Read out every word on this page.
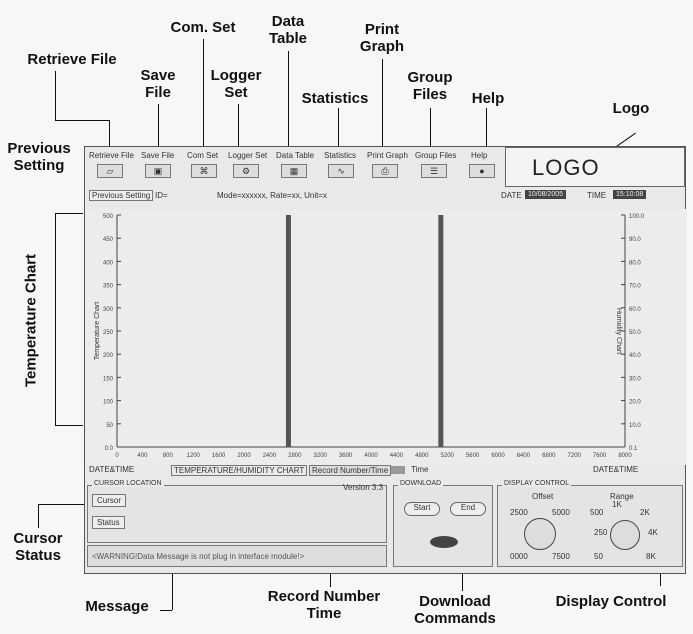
Retrieve File
Save File
Com. Set
Logger Set
Data Table
Statistics
Print Graph
Group Files	Help
Logo
Previous Setting
Temperature Chart
Cursor Status
Message
Record Number Time
Download Commands
Display Control
Retrieve File
▱
Save File
▣
Com Set
⌘
Logger Set
⚙
Data Table
▦
Statistics
∿
Print Graph
⎙
Group Files
☰
Help
●	LOGO
Previous Setting ID=	Mode=xxxxxx, Rate=xx, Unit=x	DATE 10/08/2005	TIME	15:10:08
500
450
400
350
300
250
200
150
100
50
0.0
100.0
90.0
80.0
70.0
60.0
50.0
40.0
30.0
20.0
10.0
0.1
0	400	800 1200 1600 2000 2400 2800 3200 3600 4000 4400 4800 5200 5600 6000 6400 6800 7200 7600 8000
Temperature Chart	Humidity Chart
DATE&TIME	TEMPERATURE/HUMIDITY CHART Record Number/Time	Time	DATE&TIME
CURSOR LOCATION
Cursor
Status
Version 3.3
<WARNING!Data Message is not plug in interface module!>
DOWNLOAD
Start	End
DISPLAY CONTROL
Offset	Range
2500	5000
0000	7500
500
1K
2K
250	4K
50	8K
